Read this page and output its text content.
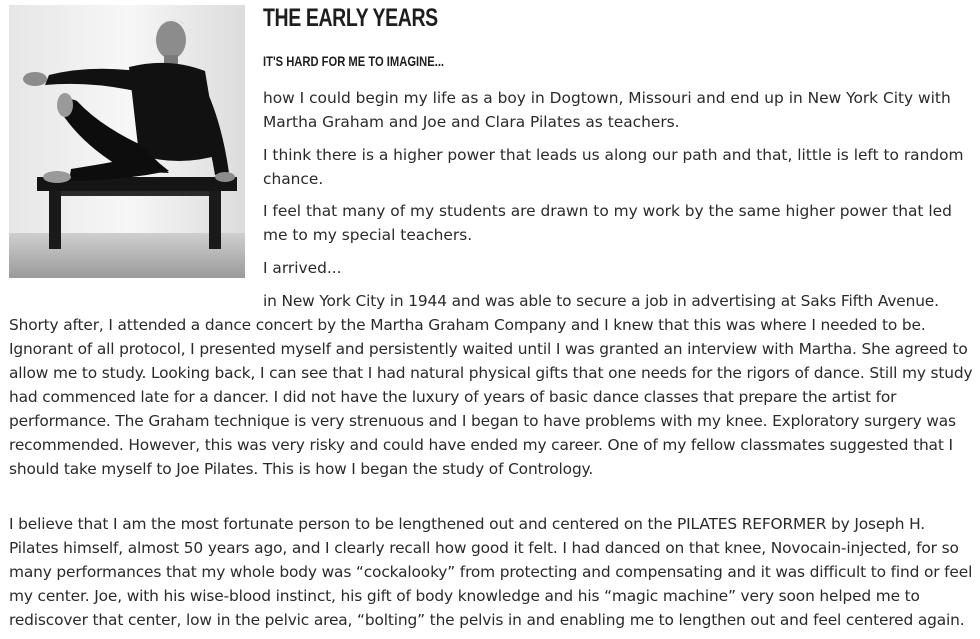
THE EARLY YEARS
IT'S HARD FOR ME TO IMAGINE...

how I could begin my life as a boy in Dogtown, Missouri and end up in New York City with Martha Graham and Joe and Clara Pilates as teachers.

I think there is a higher power that leads us along our path and that, little is left to random chance.

I feel that many of my students are drawn to my work by the same higher power that led me to my special teachers.

I arrived...

in New York City in 1944 and was able to secure a job in advertising at Saks Fifth Avenue. Shorty after, I attended a dance concert by the Martha Graham Company and I knew that this was where I needed to be. Ignorant of all protocol, I presented myself and persistently waited until I was granted an interview with Martha. She agreed to allow me to study. Looking back, I can see that I had natural physical gifts that one needs for the rigors of dance. Still my study had commenced late for a dancer. I did not have the luxury of years of basic dance classes that prepare the artist for performance. The Graham technique is very strenuous and I began to have problems with my knee. Exploratory surgery was recommended. However, this was very risky and could have ended my career. One of my fellow classmates suggested that I should take myself to Joe Pilates. This is how I began the study of Contrology.

I believe that I am the most fortunate person to be lengthened out and centered on the PILATES REFORMER by Joseph H. Pilates himself, almost 50 years ago, and I clearly recall how good it felt. I had danced on that knee, Novocain-injected, for so many performances that my whole body was “cockalooky” from protecting and compensating and it was difficult to find or feel my center. Joe, with his wise-blood instinct, his gift of body knowledge and his “magic machine” very soon helped me to rediscover that center, low in the pelvic area, “bolting” the pelvis in and enabling me to lengthen out and feel centered again.
